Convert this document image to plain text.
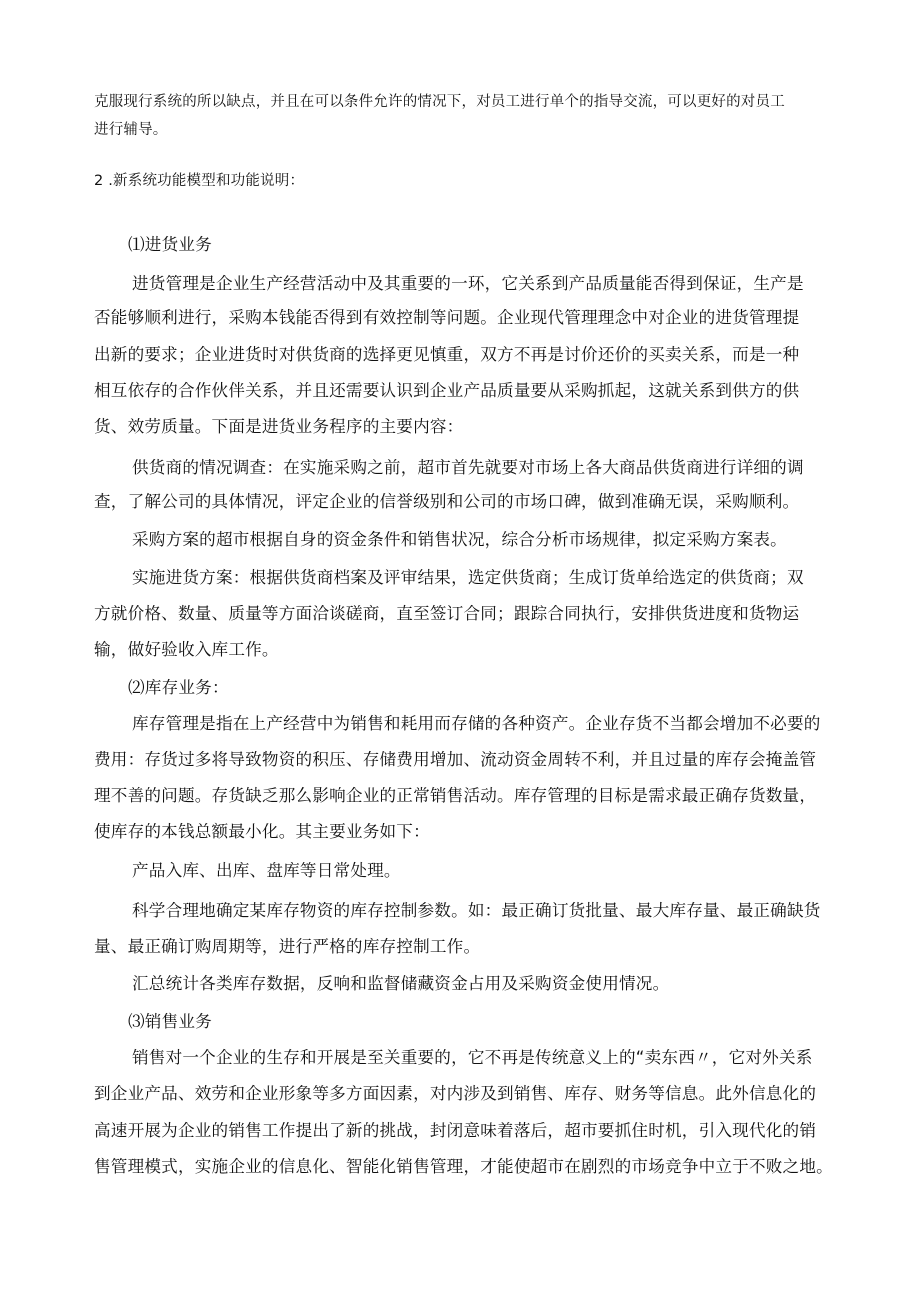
克服现行系统的所以缺点，并且在可以条件允许的情况下，对员工进行单个的指导交流，可以更好的对员工
进行辅导。
2 .新系统功能模型和功能说明：
⑴进货业务
进货管理是企业生产经营活动中及其重要的一环，它关系到产品质量能否得到保证，生产是
否能够顺利进行，采购本钱能否得到有效控制等问题。企业现代管理理念中对企业的进货管理提
出新的要求；企业进货时对供货商的选择更见慎重，双方不再是讨价还价的买卖关系，而是一种
相互依存的合作伙伴关系，并且还需要认识到企业产品质量要从采购抓起，这就关系到供方的供
货、效劳质量。下面是进货业务程序的主要内容：
供货商的情况调查：在实施采购之前，超市首先就要对市场上各大商品供货商进行详细的调
查，了解公司的具体情况，评定企业的信誉级别和公司的市场口碑，做到准确无误，采购顺利。
采购方案的超市根据自身的资金条件和销售状况，综合分析市场规律，拟定采购方案表。
实施进货方案：根据供货商档案及评审结果，选定供货商；生成订货单给选定的供货商；双
方就价格、数量、质量等方面洽谈磋商，直至签订合同；跟踪合同执行，安排供货进度和货物运
输，做好验收入库工作。
⑵库存业务：
库存管理是指在上产经营中为销售和耗用而存储的各种资产。企业存货不当都会增加不必要的
费用：存货过多将导致物资的积压、存储费用增加、流动资金周转不利，并且过量的库存会掩盖管
理不善的问题。存货缺乏那么影响企业的正常销售活动。库存管理的目标是需求最正确存货数量，
使库存的本钱总额最小化。其主要业务如下：
产品入库、出库、盘库等日常处理。
科学合理地确定某库存物资的库存控制参数。如：最正确订货批量、最大库存量、最正确缺货
量、最正确订购周期等，进行严格的库存控制工作。
汇总统计各类库存数据，反响和监督储藏资金占用及采购资金使用情况。
⑶销售业务
销售对一个企业的生存和开展是至关重要的，它不再是传统意义上的“卖东西〃，它对外关系
到企业产品、效劳和企业形象等多方面因素，对内涉及到销售、库存、财务等信息。此外信息化的
高速开展为企业的销售工作提出了新的挑战，封闭意味着落后，超市要抓住时机，引入现代化的销
售管理模式，实施企业的信息化、智能化销售管理，才能使超市在剧烈的市场竞争中立于不败之地。
